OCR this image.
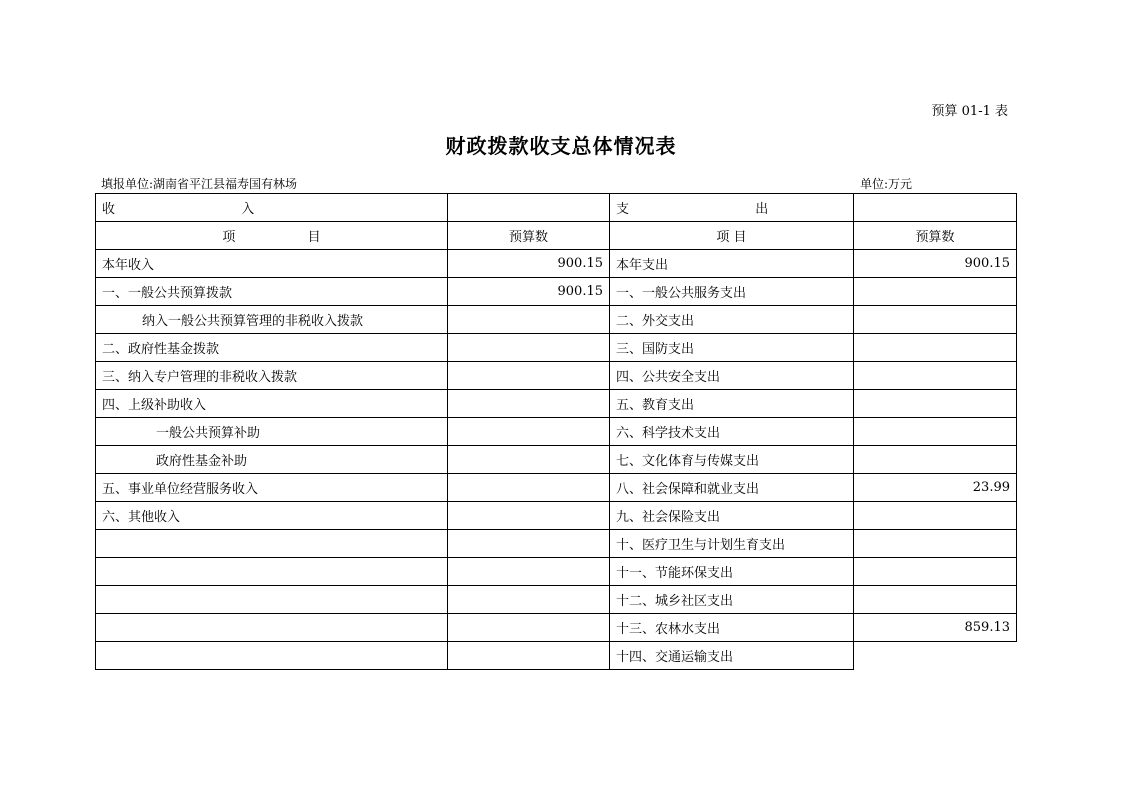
预算 01-1 表
财政拨款收支总体情况表
填报单位:湖南省平江县福寿国有林场	单位:万元
收 入		支 出	
项 目	预算数	项 目	预算数
本年收入	900.15	本年支出	900.15
一、一般公共预算拨款	900.15	一、一般公共服务支出	
纳入一般公共预算管理的非税收入拨款		二、外交支出	
二、政府性基金拨款		三、国防支出	
三、纳入专户管理的非税收入拨款		四、公共安全支出	
四、上级补助收入		五、教育支出	
一般公共预算补助		六、科学技术支出	
政府性基金补助		七、文化体育与传媒支出	
五、事业单位经营服务收入		八、社会保障和就业支出	23.99
六、其他收入		九、社会保险支出	
		十、医疗卫生与计划生育支出	
		十一、节能环保支出	
		十二、城乡社区支出	
		十三、农林水支出	859.13
		十四、交通运输支出	
